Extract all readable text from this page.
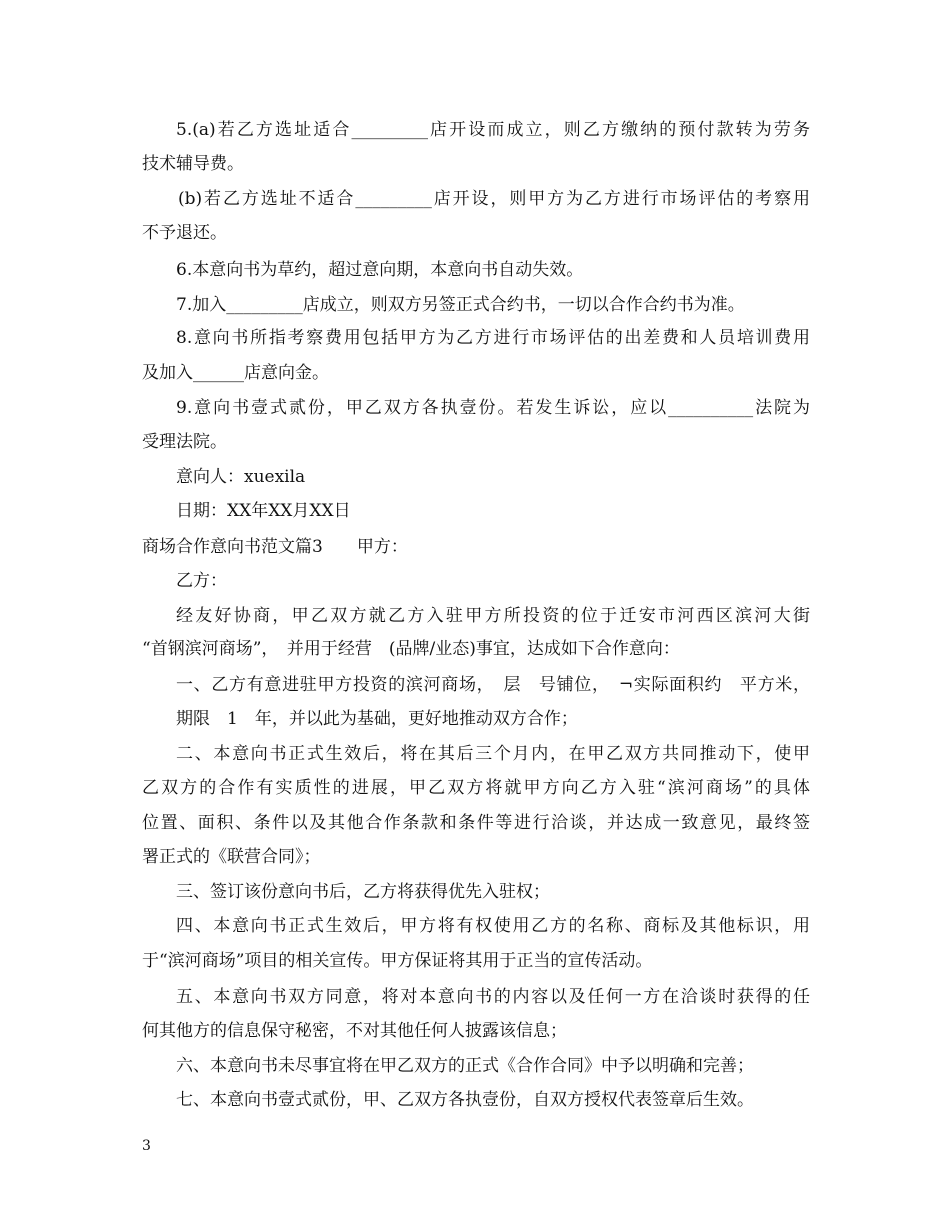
5.(a)若乙方选址适合_________店开设而成立，则乙方缴纳的预付款转为劳务
技术辅导费。
(b)若乙方选址不适合_________店开设，则甲方为乙方进行市场评估的考察用
不予退还。
6.本意向书为草约，超过意向期，本意向书自动失效。
7.加入_________店成立，则双方另签正式合约书，一切以合作合约书为准。
8.意向书所指考察费用包括甲方为乙方进行市场评估的出差费和人员培训费用
及加入______店意向金。
9.意向书壹式贰份，甲乙双方各执壹份。若发生诉讼，应以__________法院为
受理法院。
意向人：xuexila
日期：XX年XX月XX日
商场合作意向书范文篇3　　甲方：
乙方：
经友好协商，甲乙双方就乙方入驻甲方所投资的位于迁安市河西区滨河大街
“首钢滨河商场”，　并用于经营　(品牌/业态)事宜，达成如下合作意向：
一、乙方有意进驻甲方投资的滨河商场，　层　号铺位，　¬实际面积约　平方米，
期限　1　年，并以此为基础，更好地推动双方合作；
二、本意向书正式生效后，将在其后三个月内，在甲乙双方共同推动下，使甲
乙双方的合作有实质性的进展，甲乙双方将就甲方向乙方入驻“滨河商场”的具体
位置、面积、条件以及其他合作条款和条件等进行洽谈，并达成一致意见，最终签
署正式的《联营合同》；
三、签订该份意向书后，乙方将获得优先入驻权；
四、本意向书正式生效后，甲方将有权使用乙方的名称、商标及其他标识，用
于“滨河商场”项目的相关宣传。甲方保证将其用于正当的宣传活动。
五、本意向书双方同意，将对本意向书的内容以及任何一方在洽谈时获得的任
何其他方的信息保守秘密，不对其他任何人披露该信息；
六、本意向书未尽事宜将在甲乙双方的正式《合作合同》中予以明确和完善；
七、本意向书壹式贰份，甲、乙双方各执壹份，自双方授权代表签章后生效。
3
